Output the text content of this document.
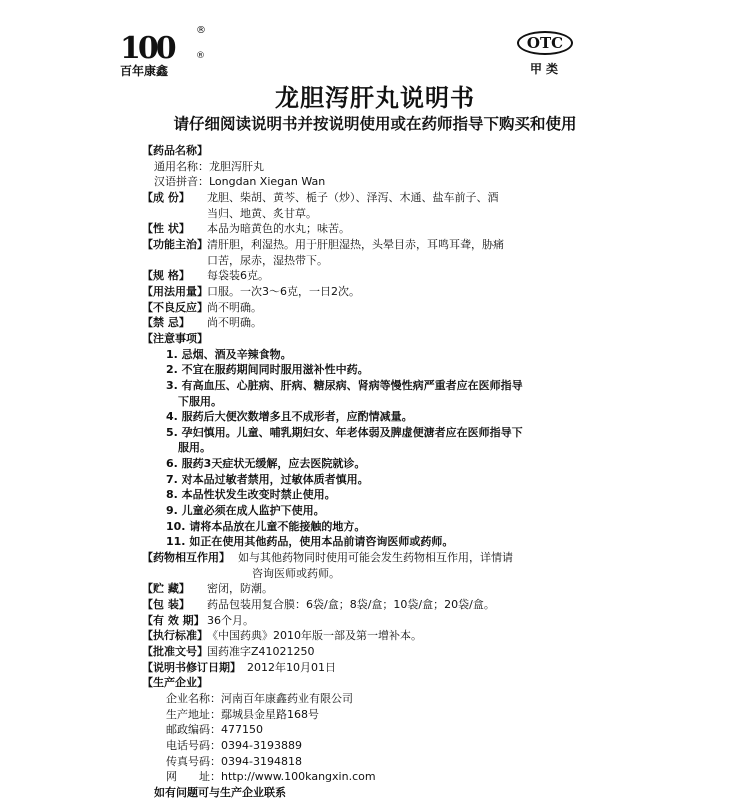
100
®
®
百年康鑫
OTC
甲类
龙胆泻肝丸说明书
请仔细阅读说明书并按说明使用或在药师指导下购买和使用
【药品名称】
通用名称：龙胆泻肝丸
汉语拼音：Longdan Xiegan Wan
【成 份】	龙胆、柴胡、黄芩、栀子（炒）、泽泻、木通、盐车前子、酒
当归、地黄、炙甘草。
【性 状】	本品为暗黄色的水丸；味苦。
【功能主治】 清肝胆，利湿热。用于肝胆湿热，头晕目赤，耳鸣耳聋，胁痛
口苦，尿赤，湿热带下。
【规 格】	每袋装6克。
【用法用量】 口服。一次3～6克，一日2次。
【不良反应】 尚不明确。
【禁 忌】	尚不明确。
【注意事项】
1. 忌烟、酒及辛辣食物。
2. 不宜在服药期间同时服用滋补性中药。
3. 有高血压、心脏病、肝病、糖尿病、肾病等慢性病严重者应在医师指导
下服用。
4. 服药后大便次数增多且不成形者，应酌情减量。
5. 孕妇慎用。儿童、哺乳期妇女、年老体弱及脾虚便溏者应在医师指导下
服用。
6. 服药3天症状无缓解，应去医院就诊。
7. 对本品过敏者禁用，过敏体质者慎用。
8. 本品性状发生改变时禁止使用。
9. 儿童必须在成人监护下使用。
10. 请将本品放在儿童不能接触的地方。
11. 如正在使用其他药品，使用本品前请咨询医师或药师。
【药物相互作用】 如与其他药物同时使用可能会发生药物相互作用，详情请
咨询医师或药师。
【贮 藏】	密闭，防潮。
【包 装】	药品包装用复合膜：6袋/盒；8袋/盒；10袋/盒；20袋/盒。
【有 效 期】 36个月。
【执行标准】 《中国药典》2010年版一部及第一增补本。
【批准文号】 国药准字Z41021250
【说明书修订日期】 2012年10月01日
【生产企业】
企业名称：河南百年康鑫药业有限公司
生产地址：鄢城县金星路168号
邮政编码：477150
电话号码：0394-3193889
传真号码：0394-3194818
网　　址：http://www.100kangxin.com
如有问题可与生产企业联系
